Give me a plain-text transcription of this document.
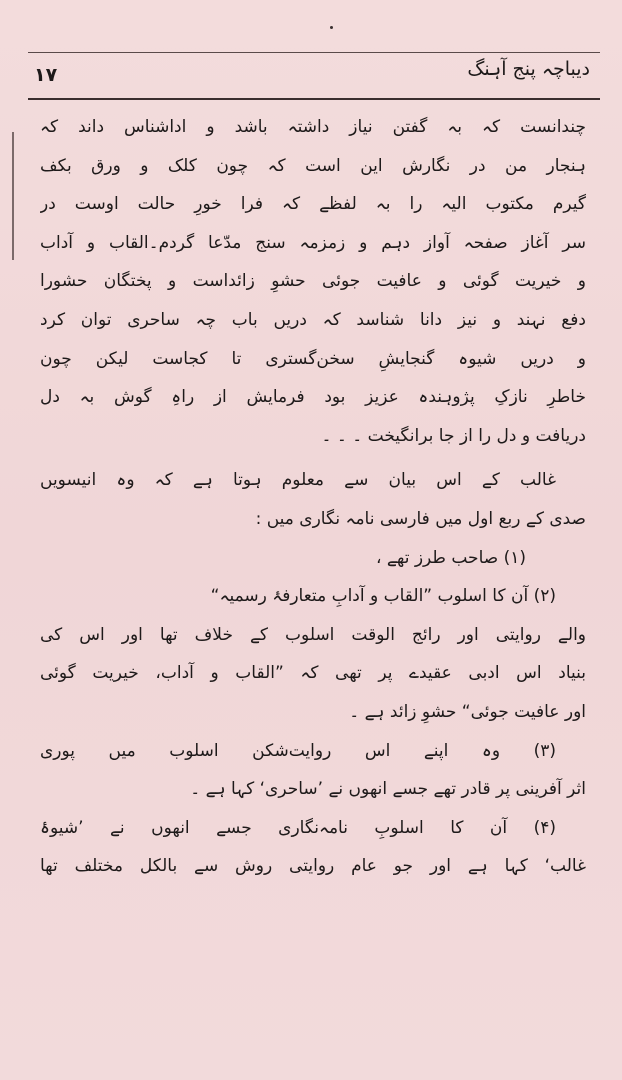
دیباچہ پنج آہنگ
۱۷
چندانست کہ بہ گفتن نیاز داشتہ باشد و اداشناس داند کہ
ہنجار من در نگارش این است کہ چون کلک و ورق بکف
گیرم مکتوب الیہ را بہ لفظے کہ فرا خورِ حالت اوست در
سر آغاز صفحہ آواز دہم و زمزمہ سنج مدّعا گردم۔القاب و آداب
و خیریت گوئی و عافیت جوئی حشوِ زائداست و پختگان حشورا
دفع نہند و نیز دانا شناسد کہ دریں باب چہ ساحری توان کرد
و دریں شیوہ گنجایشِ سخن‌گستری تا کجاست لیکن چون
خاطرِ نازکِ پژوہندہ عزیز بود فرمایش از راہِ گوش بہ دل
دریافت و دل را از جا برانگیخت ۔ ۔ ۔
غالب کے اس بیان سے معلوم ہوتا ہے کہ وہ انیسویں
صدی کے ربع اول میں فارسی نامہ نگاری میں :
(۱) صاحب طرز تھے ،
(۲) آن کا اسلوب ”القاب و آدابِ متعارفۂ رسمیہ“
والے روایتی اور رائج الوقت اسلوب کے خلاف تھا اور اس کی
بنیاد اس ادبی عقیدے پر تھی کہ ”القاب و آداب، خیریت گوئی
اور عافیت جوئی“ حشوِ زائد ہے ۔
(۳) وہ اپنے اس روایت‌شکن اسلوب میں پوری
اثر آفرینی پر قادر تھے جسے انھوں نے ’ساحری‘ کہا ہے ۔
(۴) آن کا اسلوبِ نامہ‌نگاری جسے انھوں نے ’شیوۂ
غالب‘ کہا ہے اور جو عام روایتی روش سے بالکل مختلف تھا
